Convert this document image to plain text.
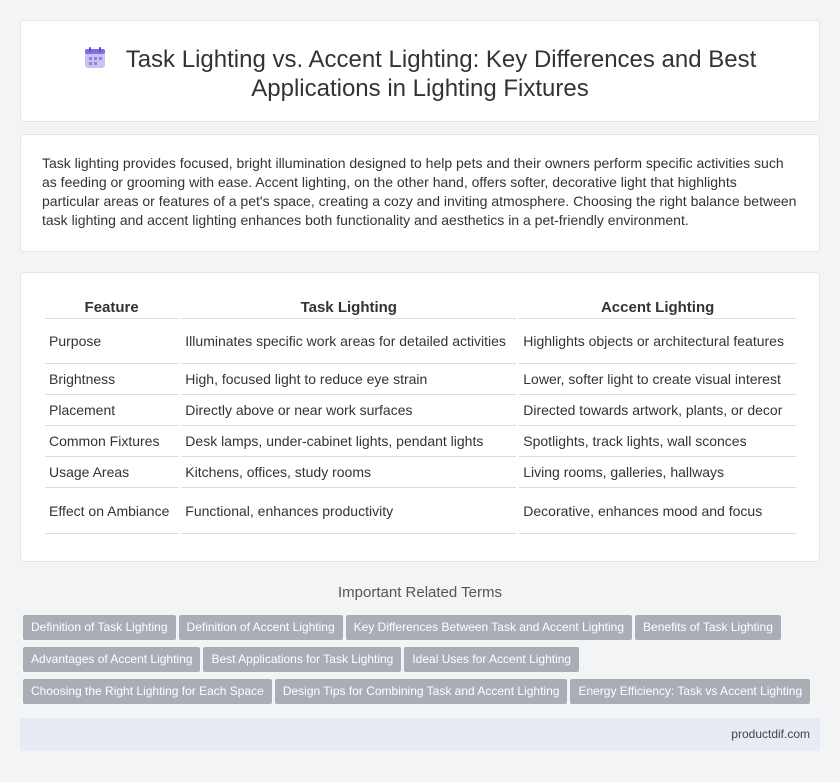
Task Lighting vs. Accent Lighting: Key Differences and Best Applications in Lighting Fixtures

Task lighting provides focused, bright illumination designed to help pets and their owners perform specific activities such as feeding or grooming with ease. Accent lighting, on the other hand, offers softer, decorative light that highlights particular areas or features of a pet's space, creating a cozy and inviting atmosphere. Choosing the right balance between task lighting and accent lighting enhances both functionality and aesthetics in a pet-friendly environment.

Feature	Task Lighting	Accent Lighting
Purpose	Illuminates specific work areas for detailed activities	Highlights objects or architectural features
Brightness	High, focused light to reduce eye strain	Lower, softer light to create visual interest
Placement	Directly above or near work surfaces	Directed towards artwork, plants, or decor
Common Fixtures	Desk lamps, under-cabinet lights, pendant lights	Spotlights, track lights, wall sconces
Usage Areas	Kitchens, offices, study rooms	Living rooms, galleries, hallways
Effect on Ambiance	Functional, enhances productivity	Decorative, enhances mood and focus
Important Related Terms
Definition of Task Lighting Definition of Accent Lighting Key Differences Between Task and Accent Lighting Benefits of Task Lighting
Advantages of Accent Lighting Best Applications for Task Lighting Ideal Uses for Accent Lighting
Choosing the Right Lighting for Each Space Design Tips for Combining Task and Accent Lighting Energy Efficiency: Task vs Accent Lighting
productdif.com
